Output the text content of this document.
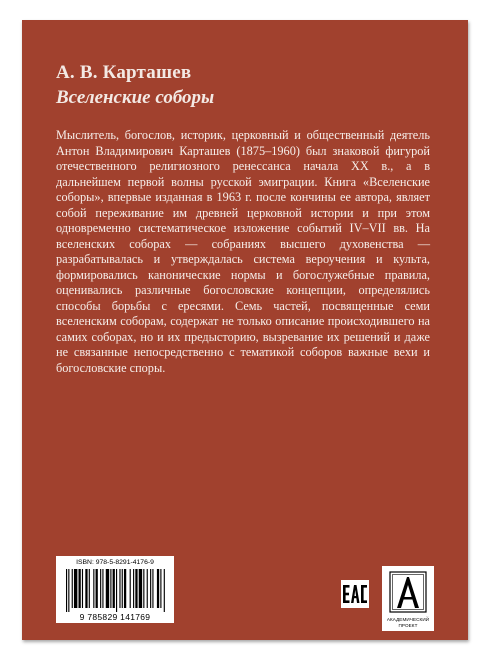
А. В. Карташев
Вселенские соборы

Мыслитель, богослов, историк, церковный и общественный деятель Антон Владимирович Карташев (1875–1960) был знаковой фигурой отечественного религиозного ренессанса начала XX в., а в дальнейшем первой волны русской эмиграции. Книга «Вселенские соборы», впервые изданная в 1963 г. после кончины ее автора, являет собой переживание им древней церковной истории и при этом одновременно систематическое изложение событий IV–VII вв. На вселенских соборах — собраниях высшего духовенства — разрабатывалась и утверждалась система вероучения и культа, формировались канонические нормы и богослужебные правила, оценивались различные богословские концепции, определялись способы борьбы с ересями. Семь частей, посвященные семи вселенским соборам, содержат не только описание происходившего на самих соборах, но и их предысторию, вызревание их решений и даже не связанные непосредственно с тематикой соборов важные вехи и богословские споры.

ISBN: 978-5-8291-4176-9
9 785829 141769	АКАДЕМИЧЕСКИЙ ПРОЕКТ
